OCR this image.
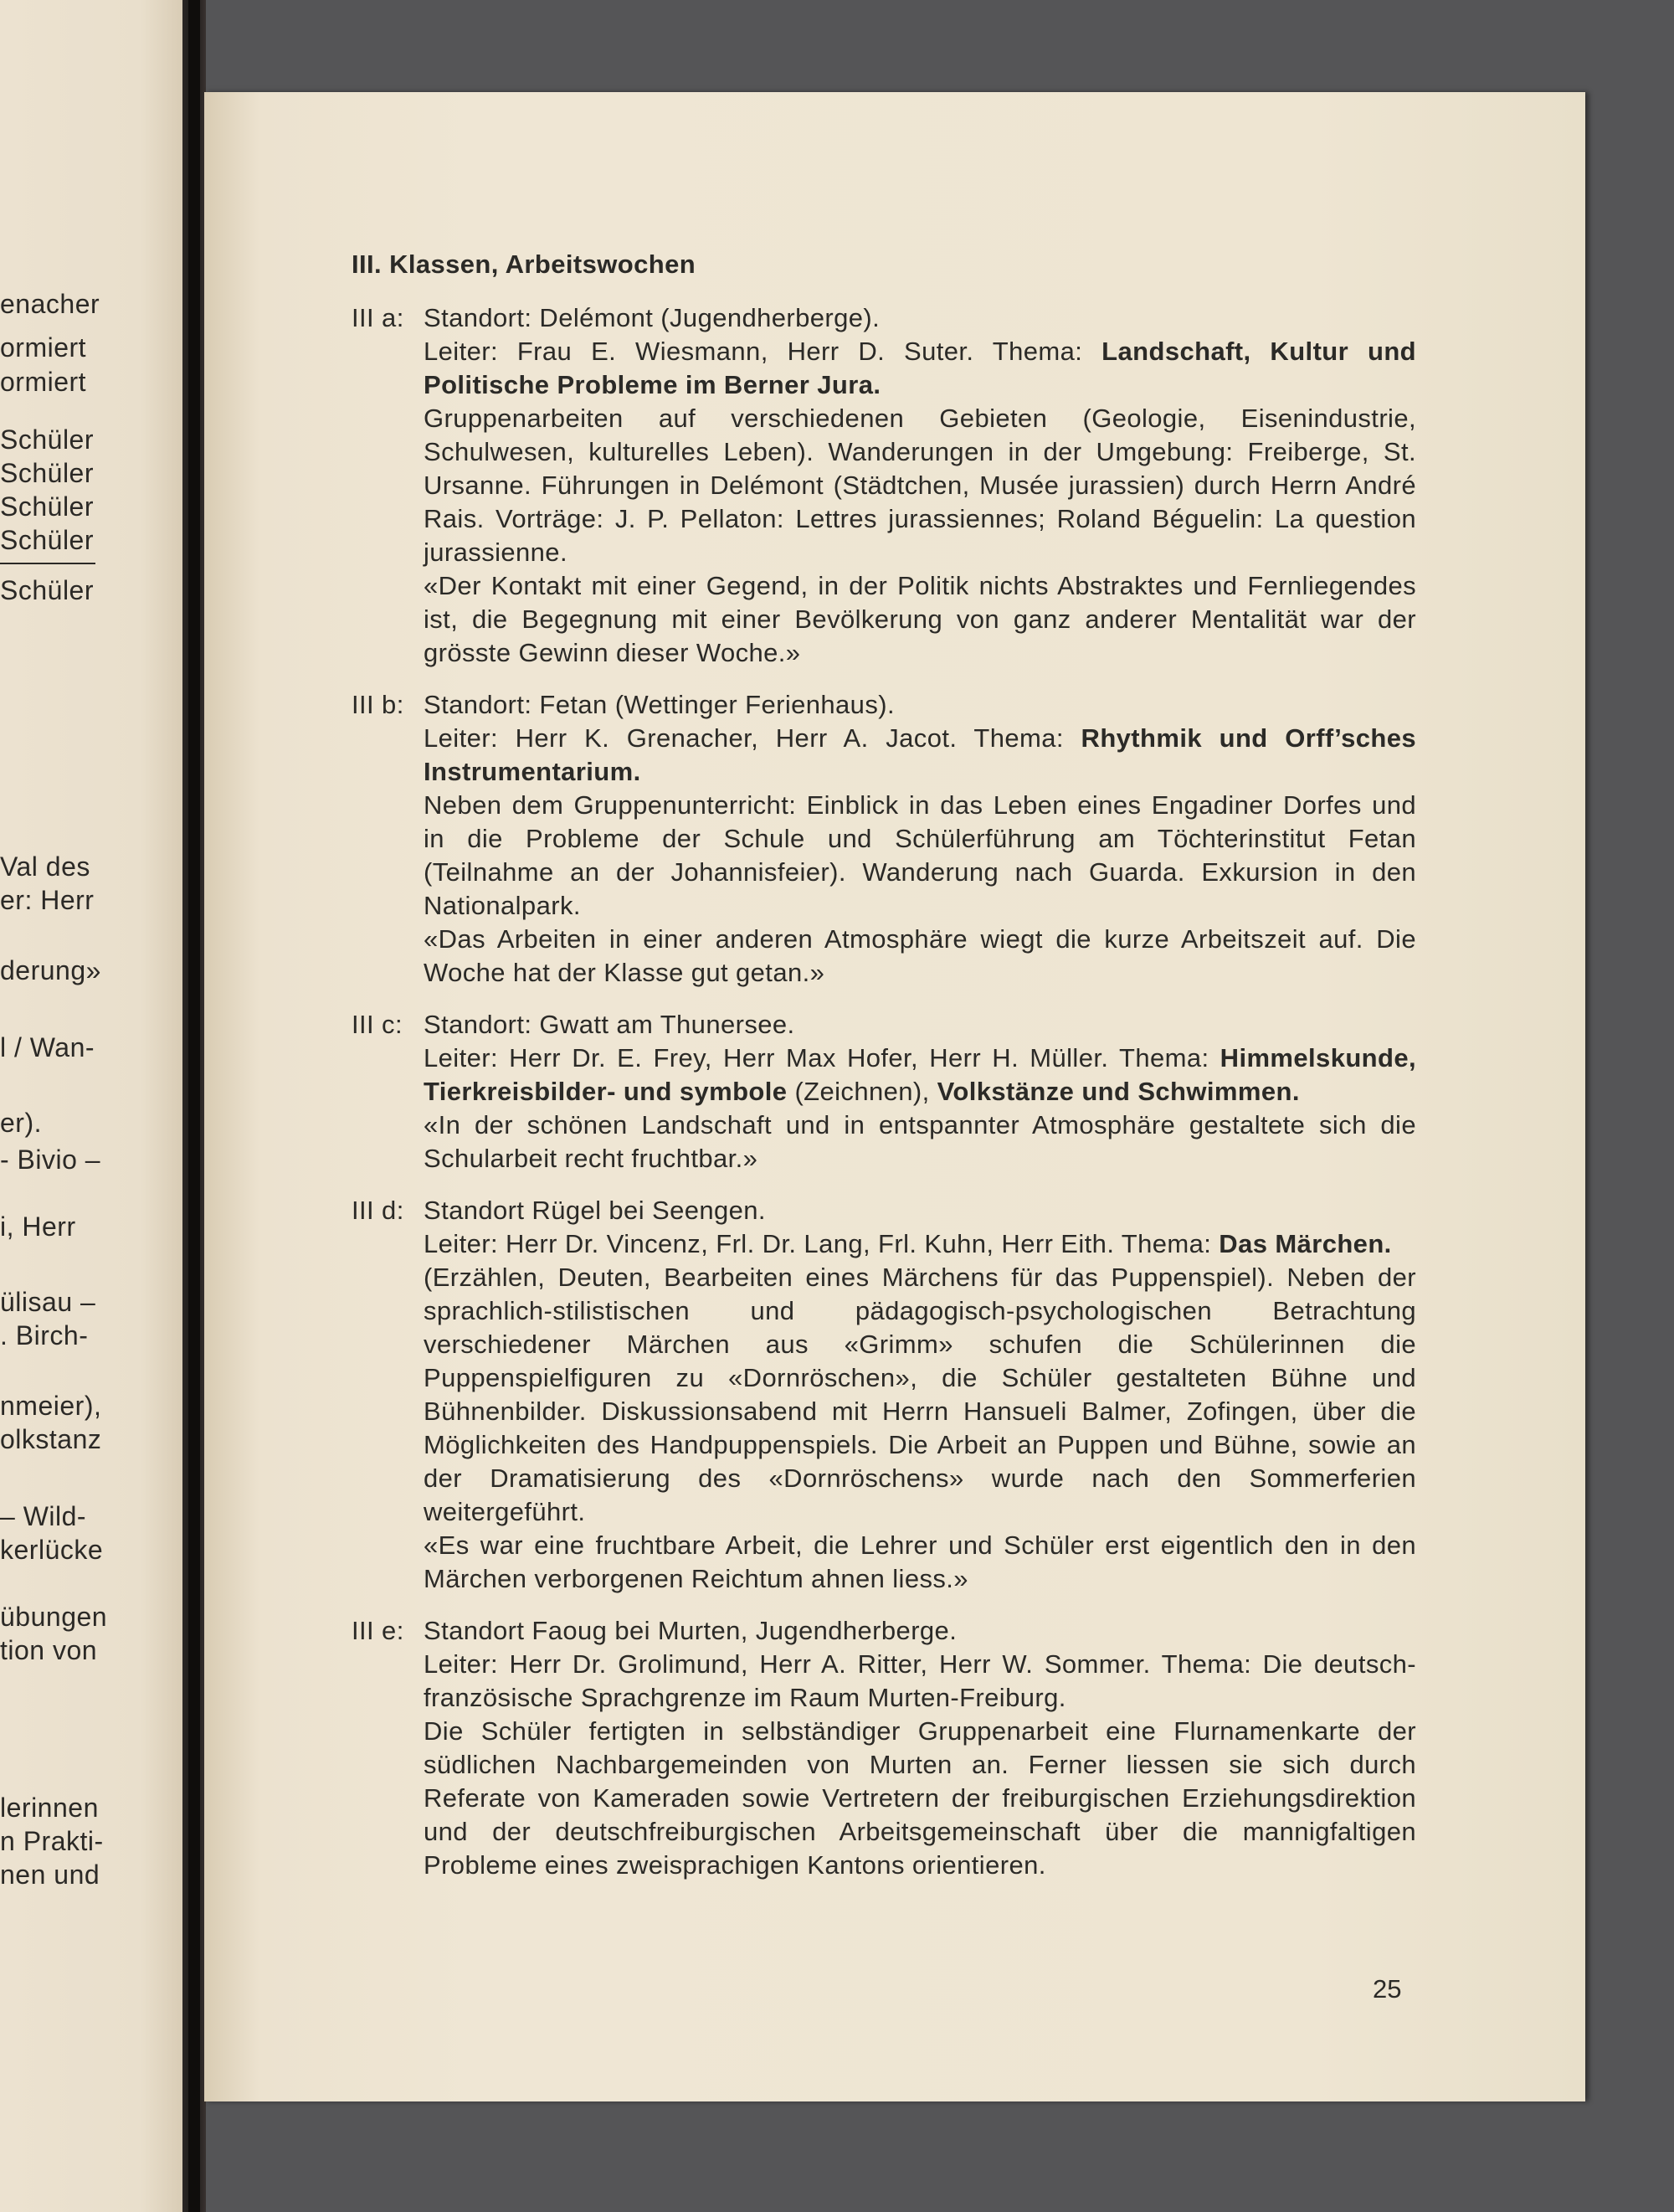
enacher
ormiert
ormiert
Schüler
Schüler
Schüler
Schüler
Schüler
Val des
er: Herr
derung»
l / Wan-
er).
- Bivio –
i, Herr
ülisau –
. Birch-
nmeier),
olkstanz
– Wild-
kerlücke
übungen
tion von
lerinnen
n Prakti-
nen und
III. Klassen, Arbeitswochen
III a: Standort: Delémont (Jugendherberge).

Leiter: Frau E. Wiesmann, Herr D. Suter. Thema: Landschaft, Kultur und Politische Probleme im Berner Jura.

Gruppenarbeiten auf verschiedenen Gebieten (Geologie, Eisenindustrie, Schulwesen, kulturelles Leben). Wanderungen in der Umgebung: Freiberge, St. Ursanne. Führungen in Delémont (Städtchen, Musée jurassien) durch Herrn André Rais. Vorträge: J. P. Pellaton: Lettres jurassiennes; Roland Béguelin: La question jurassienne.

«Der Kontakt mit einer Gegend, in der Politik nichts Abstraktes und Fernliegendes ist, die Begegnung mit einer Bevölkerung von ganz anderer Mentalität war der grösste Gewinn dieser Woche.»

III b: Standort: Fetan (Wettinger Ferienhaus).

Leiter: Herr K. Grenacher, Herr A. Jacot. Thema: Rhythmik und Orff’sches Instrumentarium.

Neben dem Gruppenunterricht: Einblick in das Leben eines Engadiner Dorfes und in die Probleme der Schule und Schülerführung am Töchterinstitut Fetan (Teilnahme an der Johannisfeier). Wanderung nach Guarda. Exkursion in den Nationalpark.

«Das Arbeiten in einer anderen Atmosphäre wiegt die kurze Arbeitszeit auf. Die Woche hat der Klasse gut getan.»

III c: Standort: Gwatt am Thunersee.

Leiter: Herr Dr. E. Frey, Herr Max Hofer, Herr H. Müller. Thema: Himmelskunde, Tierkreisbilder- und symbole (Zeichnen), Volkstänze und Schwimmen.

«In der schönen Landschaft und in entspannter Atmosphäre gestaltete sich die Schularbeit recht fruchtbar.»

III d: Standort Rügel bei Seengen.

Leiter: Herr Dr. Vincenz, Frl. Dr. Lang, Frl. Kuhn, Herr Eith. Thema: Das Märchen.

(Erzählen, Deuten, Bearbeiten eines Märchens für das Puppenspiel). Neben der sprachlich-stilistischen und pädagogisch-psychologischen Betrachtung verschiedener Märchen aus «Grimm» schufen die Schülerinnen die Puppenspielfiguren zu «Dornröschen», die Schüler gestalteten Bühne und Bühnenbilder. Diskussionsabend mit Herrn Hansueli Balmer, Zofingen, über die Möglichkeiten des Handpuppenspiels. Die Arbeit an Puppen und Bühne, sowie an der Dramatisierung des «Dornröschens» wurde nach den Sommerferien weitergeführt.

«Es war eine fruchtbare Arbeit, die Lehrer und Schüler erst eigentlich den in den Märchen verborgenen Reichtum ahnen liess.»

III e: Standort Faoug bei Murten, Jugendherberge.

Leiter: Herr Dr. Grolimund, Herr A. Ritter, Herr W. Sommer. Thema: Die deutsch-französische Sprachgrenze im Raum Murten-Freiburg.

Die Schüler fertigten in selbständiger Gruppenarbeit eine Flurnamenkarte der südlichen Nachbargemeinden von Murten an. Ferner liessen sie sich durch Referate von Kameraden sowie Vertretern der freiburgischen Erziehungsdirektion und der deutschfreiburgischen Arbeitsgemeinschaft über die mannigfaltigen Probleme eines zweisprachigen Kantons orientieren.

25
